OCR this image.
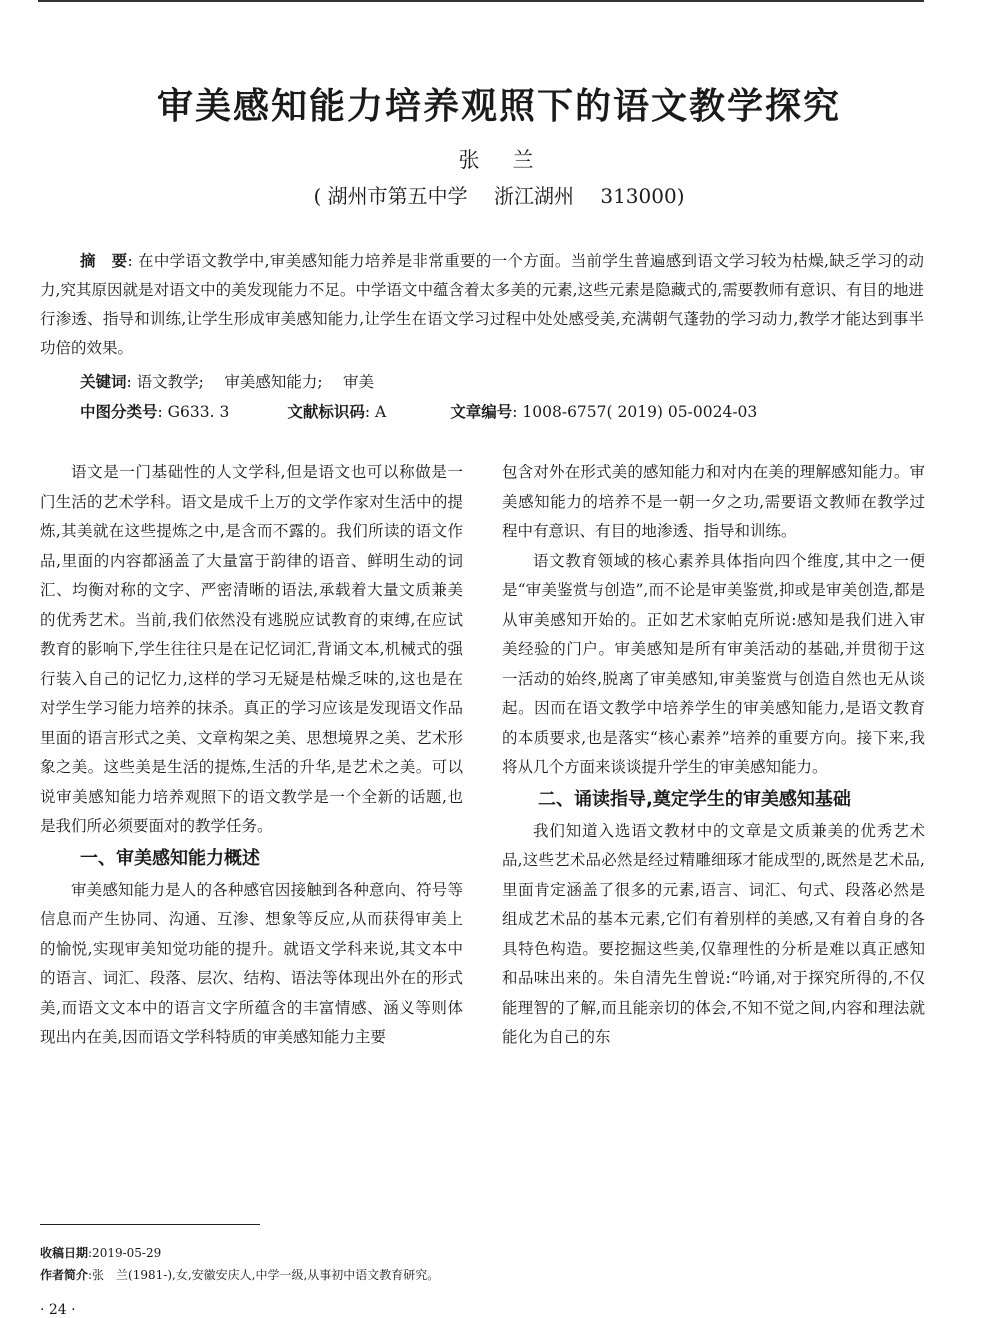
审美感知能力培养观照下的语文教学探究
张　兰
( 湖州市第五中学　 浙江湖州　 313000)
摘　要: 在中学语文教学中,审美感知能力培养是非常重要的一个方面。当前学生普遍感到语文学习较为枯燥,缺乏学习的动力,究其原因就是对语文中的美发现能力不足。中学语文中蕴含着太多美的元素,这些元素是隐藏式的,需要教师有意识、有目的地进行渗透、指导和训练,让学生形成审美感知能力,让学生在语文学习过程中处处感受美,充满朝气蓬勃的学习动力,教学才能达到事半功倍的效果。
关键词: 语文教学;　 审美感知能力;　 审美
中图分类号: G633. 3	文献标识码: A	文章编号: 1008-6757( 2019) 05-0024-03

语文是一门基础性的人文学科,但是语文也可以称做是一门生活的艺术学科。语文是成千上万的文学作家对生活中的提炼,其美就在这些提炼之中,是含而不露的。我们所读的语文作品,里面的内容都涵盖了大量富于韵律的语音、鲜明生动的词汇、均衡对称的文字、严密清晰的语法,承载着大量文质兼美的优秀艺术。当前,我们依然没有逃脱应试教育的束缚,在应试教育的影响下,学生往往只是在记忆词汇,背诵文本,机械式的强行装入自己的记忆力,这样的学习无疑是枯燥乏味的,这也是在对学生学习能力培养的抹杀。真正的学习应该是发现语文作品里面的语言形式之美、文章构架之美、思想境界之美、艺术形象之美。这些美是生活的提炼,生活的升华,是艺术之美。可以说审美感知能力培养观照下的语文教学是一个全新的话题,也是我们所必须要面对的教学任务。

一、审美感知能力概述

审美感知能力是人的各种感官因接触到各种意向、符号等信息而产生协同、沟通、互渗、想象等反应,从而获得审美上的愉悦,实现审美知觉功能的提升。就语文学科来说,其文本中的语言、词汇、段落、层次、结构、语法等体现出外在的形式美,而语文文本中的语言文字所蕴含的丰富情感、涵义等则体现出内在美,因而语文学科特质的审美感知能力主要

包含对外在形式美的感知能力和对内在美的理解感知能力。审美感知能力的培养不是一朝一夕之功,需要语文教师在教学过程中有意识、有目的地渗透、指导和训练。

语文教育领域的核心素养具体指向四个维度,其中之一便是“审美鉴赏与创造”,而不论是审美鉴赏,抑或是审美创造,都是从审美感知开始的。正如艺术家帕克所说:感知是我们进入审美经验的门户。审美感知是所有审美活动的基础,并贯彻于这一活动的始终,脱离了审美感知,审美鉴赏与创造自然也无从谈起。因而在语文教学中培养学生的审美感知能力,是语文教育的本质要求,也是落实“核心素养”培养的重要方向。接下来,我将从几个方面来谈谈提升学生的审美感知能力。

二、诵读指导,奠定学生的审美感知基础

我们知道入选语文教材中的文章是文质兼美的优秀艺术品,这些艺术品必然是经过精雕细琢才能成型的,既然是艺术品,里面肯定涵盖了很多的元素,语言、词汇、句式、段落必然是组成艺术品的基本元素,它们有着别样的美感,又有着自身的各具特色构造。要挖掘这些美,仅靠理性的分析是难以真正感知和品味出来的。朱自清先生曾说:“吟诵,对于探究所得的,不仅能理智的了解,而且能亲切的体会,不知不觉之间,内容和理法就能化为自己的东

收稿日期:2019-05-29
作者简介:张　兰(1981-),女,安徽安庆人,中学一级,从事初中语文教育研究。
· 24 ·
